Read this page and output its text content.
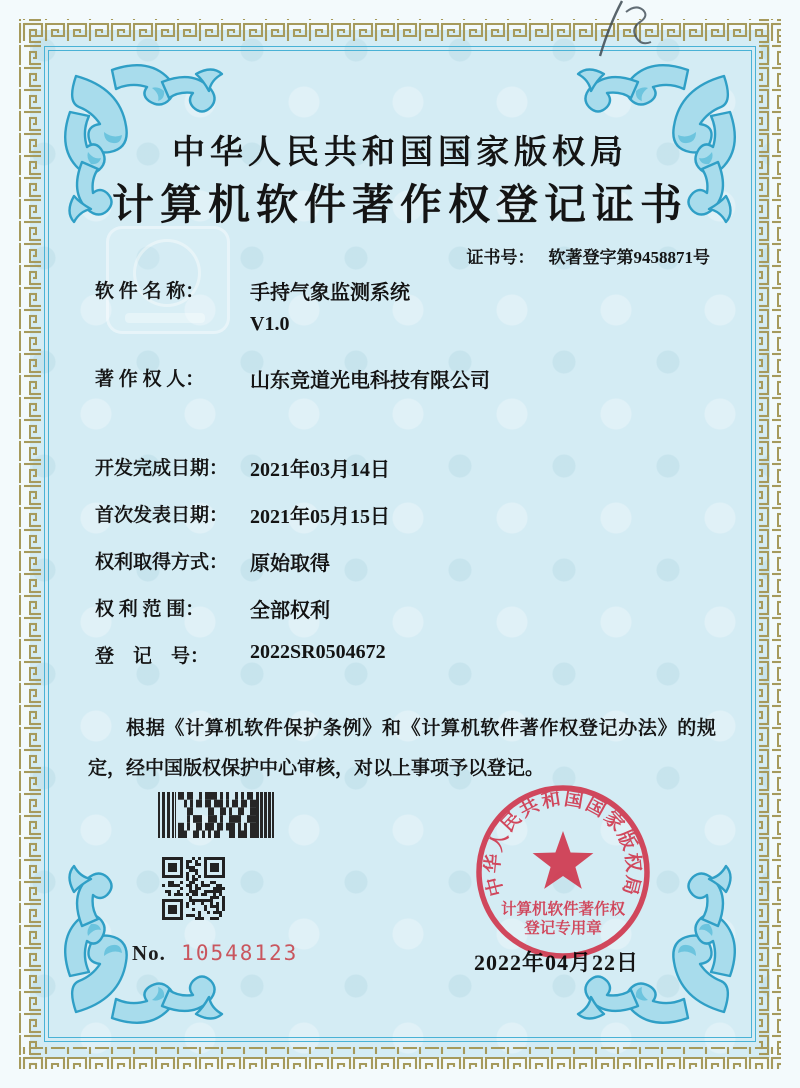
中华人民共和国国家版权局
计算机软件著作权登记证书
证书号： 软著登字第9458871号
软 件 名 称： 手持气象监测系统
V1.0
著 作 权 人： 山东竞道光电科技有限公司
开发完成日期： 2021年03月14日
首次发表日期： 2021年05月15日
权利取得方式： 原始取得
权 利 范 围： 全部权利
登　记　号： 2022SR0504672

根据《计算机软件保护条例》和《计算机软件著作权登记办法》的规定，经中国版权保护中心审核，对以上事项予以登记。

No. 10548123	2022年04月22日
中华人民共和国国家版权局
计算机软件著作权
登记专用章
